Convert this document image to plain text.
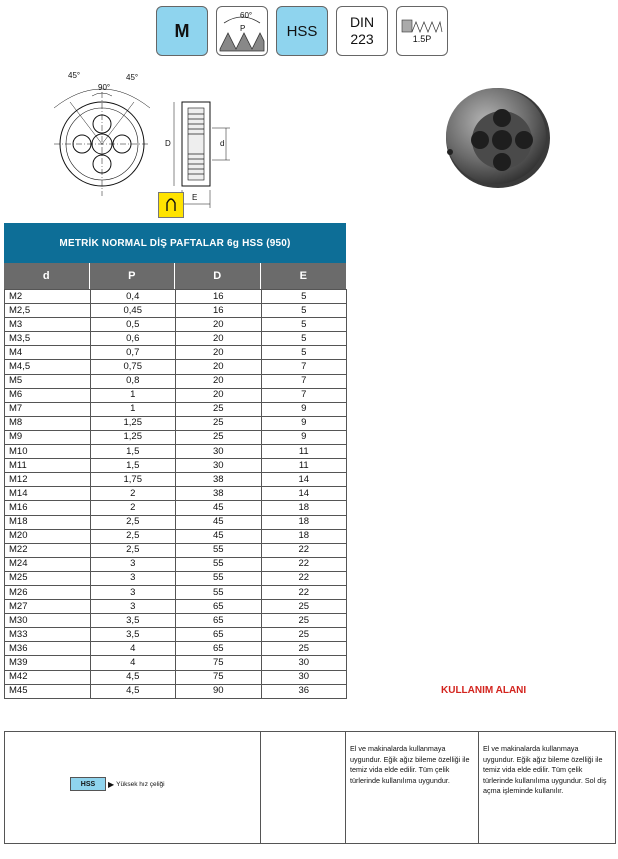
M
60°
P	HSS
DIN
223	1.5P
45°	45°
90°
D	d
E
METRİK NORMAL DİŞ PAFTALAR 6g HSS (950)
d	P	D	E
M2	0,4	16	5
M2,5	0,45	16	5
M3	0,5	20	5
M3,5	0,6	20	5
M4	0,7	20	5
M4,5	0,75	20	7
M5	0,8	20	7
M6	1	20	7
M7	1	25	9
M8	1,25	25	9
M9	1,25	25	9
M10	1,5	30	11
M11	1,5	30	11
M12	1,75	38	14
M14	2	38	14
M16	2	45	18
M18	2,5	45	18
M20	2,5	45	18
M22	2,5	55	22
M24	3	55	22
M25	3	55	22
M26	3	55	22
M27	3	65	25
M30	3,5	65	25
M33	3,5	65	25
M36	4	65	25
M39	4	75	30
M42	4,5	75	30
M45	4,5	90	36	KULLANIM ALANI
HSS	▶ Yüksek hız çeliği
El ve makinalarda kullanmaya uygundur. Eğik ağız bileme özelliği ile temiz vida elde edilir. Tüm çelik türlerinde kullanılıma uygundur.
El ve makinalarda kullanmaya uygundur. Eğik ağız bileme özelliği ile temiz vida elde edilir. Tüm çelik türlerinde kullanılıma uygundur. Sol diş açma işleminde kullanılır.
